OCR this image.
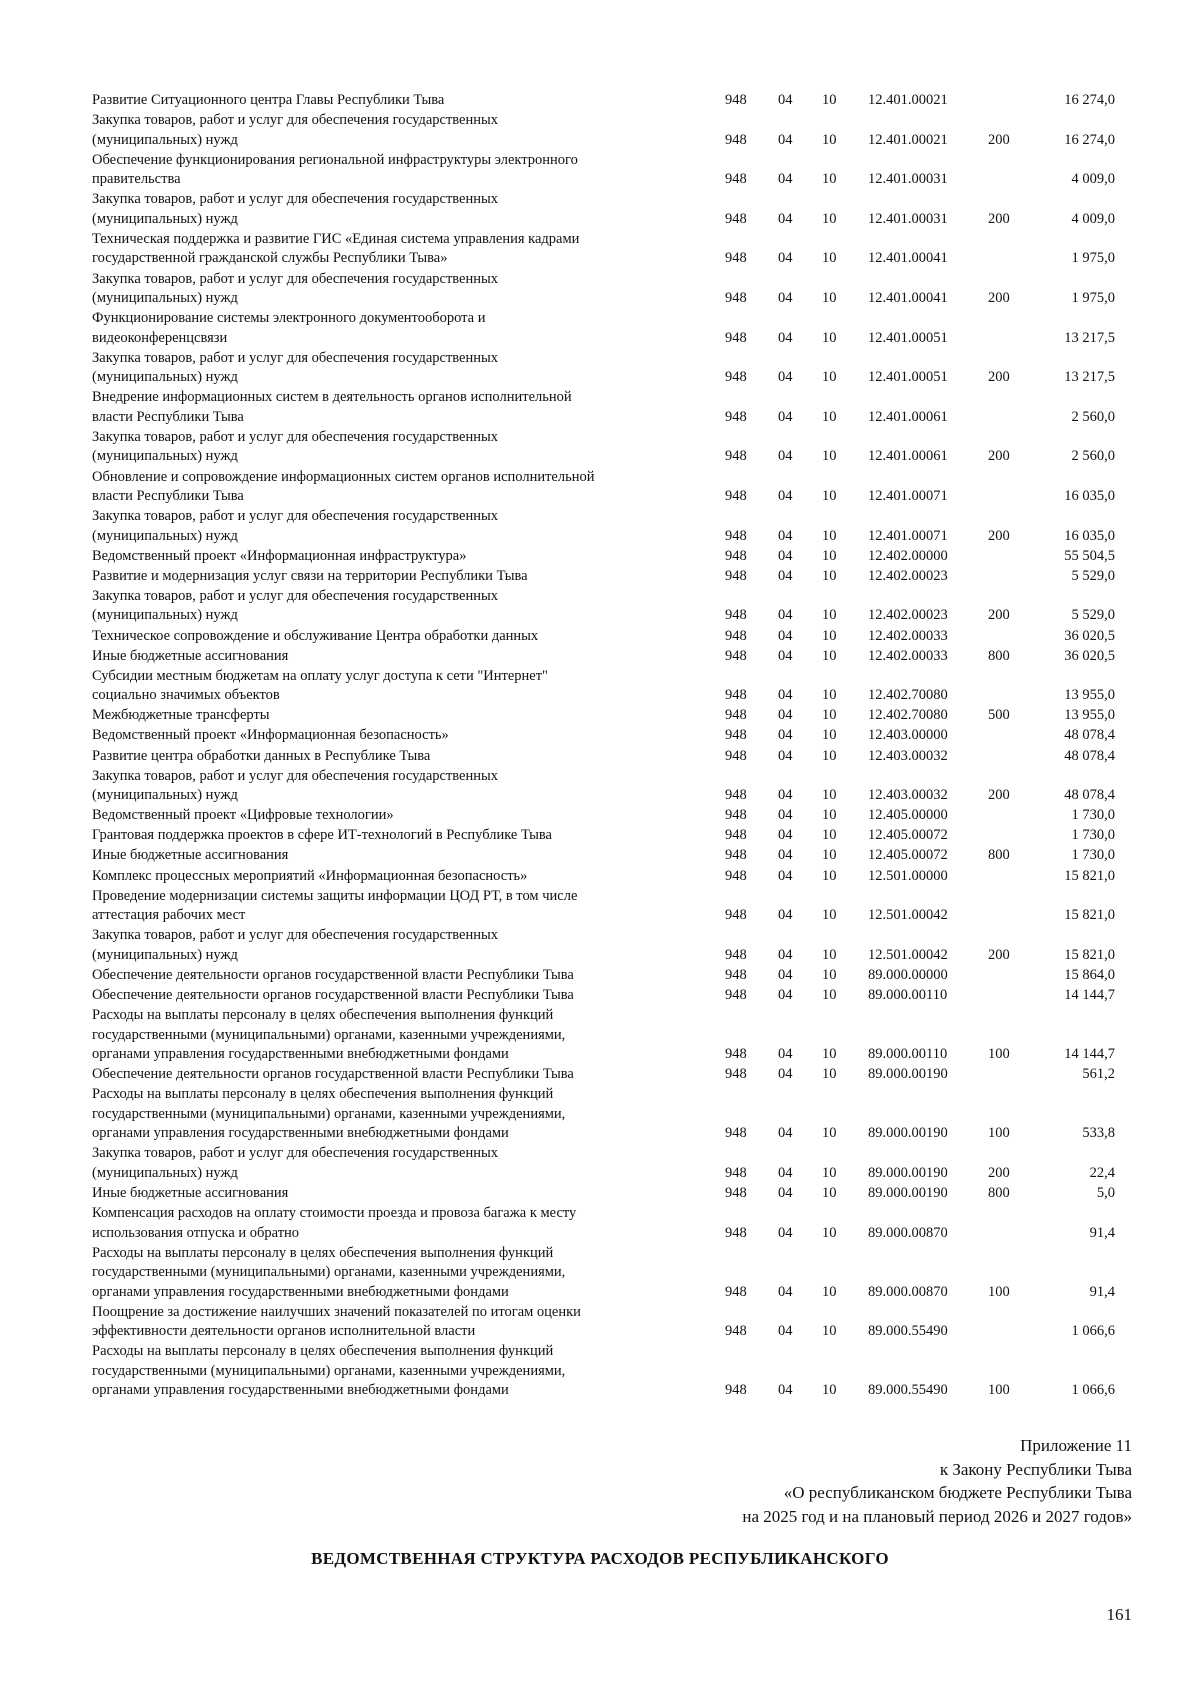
Развитие Ситуационного центра Главы Республики Тыва	948 04 10 12.401.00021	16 274,0
Закупка товаров, работ и услуг для обеспечения государственных
(муниципальных) нужд	948 04 10 12.401.00021	200	16 274,0
Обеспечение функционирования региональной инфраструктуры электронного
правительства	948 04 10 12.401.00031	4 009,0
Закупка товаров, работ и услуг для обеспечения государственных
(муниципальных) нужд	948 04 10 12.401.00031	200	4 009,0
Техническая поддержка и развитие ГИС «Единая система управления кадрами
государственной гражданской службы Республики Тыва»	948 04 10 12.401.00041	1 975,0
Закупка товаров, работ и услуг для обеспечения государственных
(муниципальных) нужд	948 04 10 12.401.00041	200	1 975,0
Функционирование системы электронного документооборота и
видеоконференцсвязи	948 04 10 12.401.00051	13 217,5
Закупка товаров, работ и услуг для обеспечения государственных
(муниципальных) нужд	948 04 10 12.401.00051	200	13 217,5
Внедрение информационных систем в деятельность органов исполнительной
власти Республики Тыва	948 04 10 12.401.00061	2 560,0
Закупка товаров, работ и услуг для обеспечения государственных
(муниципальных) нужд	948 04 10 12.401.00061	200	2 560,0
Обновление и сопровождение информационных систем органов исполнительной
власти Республики Тыва	948 04 10 12.401.00071	16 035,0
Закупка товаров, работ и услуг для обеспечения государственных
(муниципальных) нужд	948 04 10 12.401.00071	200	16 035,0
Ведомственный проект «Информационная инфраструктура»	948 04 10 12.402.00000	55 504,5
Развитие и модернизация услуг связи на территории Республики Тыва	948 04 10 12.402.00023	5 529,0
Закупка товаров, работ и услуг для обеспечения государственных
(муниципальных) нужд	948 04 10 12.402.00023	200	5 529,0
Техническое сопровождение и обслуживание Центра обработки данных	948 04 10 12.402.00033	36 020,5
Иные бюджетные ассигнования	948 04 10 12.402.00033	800	36 020,5
Субсидии местным бюджетам на оплату услуг доступа к сети "Интернет"
социально значимых объектов	948 04 10 12.402.70080	13 955,0
Межбюджетные трансферты	948 04 10 12.402.70080	500	13 955,0
Ведомственный проект «Информационная безопасность»	948 04 10 12.403.00000	48 078,4
Развитие центра обработки данных в Республике Тыва	948 04 10 12.403.00032	48 078,4
Закупка товаров, работ и услуг для обеспечения государственных
(муниципальных) нужд	948 04 10 12.403.00032	200	48 078,4
Ведомственный проект «Цифровые технологии»	948 04 10 12.405.00000	1 730,0
Грантовая поддержка проектов в сфере ИТ-технологий в Республике Тыва	948 04 10 12.405.00072	1 730,0
Иные бюджетные ассигнования	948 04 10 12.405.00072	800	1 730,0
Комплекс процессных мероприятий «Информационная безопасность»	948 04 10 12.501.00000	15 821,0
Проведение модернизации системы защиты информации ЦОД РТ, в том числе
аттестация рабочих мест	948 04 10 12.501.00042	15 821,0
Закупка товаров, работ и услуг для обеспечения государственных
(муниципальных) нужд	948 04 10 12.501.00042	200	15 821,0
Обеспечение деятельности органов государственной власти Республики Тыва	948 04 10 89.000.00000	15 864,0
Обеспечение деятельности органов государственной власти Республики Тыва	948 04 10 89.000.00110	14 144,7
Расходы на выплаты персоналу в целях обеспечения выполнения функций
государственными (муниципальными) органами, казенными учреждениями,
органами управления государственными внебюджетными фондами	948 04 10 89.000.00110	100	14 144,7
Обеспечение деятельности органов государственной власти Республики Тыва	948 04 10 89.000.00190	561,2
Расходы на выплаты персоналу в целях обеспечения выполнения функций
государственными (муниципальными) органами, казенными учреждениями,
органами управления государственными внебюджетными фондами	948 04 10 89.000.00190	100	533,8
Закупка товаров, работ и услуг для обеспечения государственных
(муниципальных) нужд	948 04 10 89.000.00190	200	22,4
Иные бюджетные ассигнования	948 04 10 89.000.00190	800	5,0
Компенсация расходов на оплату стоимости проезда и провоза багажа к месту
использования отпуска и обратно	948 04 10 89.000.00870	91,4
Расходы на выплаты персоналу в целях обеспечения выполнения функций
государственными (муниципальными) органами, казенными учреждениями,
органами управления государственными внебюджетными фондами	948 04 10 89.000.00870	100	91,4
Поощрение за достижение наилучших значений показателей по итогам оценки
эффективности деятельности органов исполнительной власти	948 04 10 89.000.55490	1 066,6
Расходы на выплаты персоналу в целях обеспечения выполнения функций
государственными (муниципальными) органами, казенными учреждениями,
органами управления государственными внебюджетными фондами	948 04 10 89.000.55490	100	1 066,6
Приложение 11
к Закону Республики Тыва
«О республиканском бюджете Республики Тыва
на 2025 год и на плановый период 2026 и 2027 годов»
ВЕДОМСТВЕННАЯ СТРУКТУРА РАСХОДОВ РЕСПУБЛИКАНСКОГО
161
